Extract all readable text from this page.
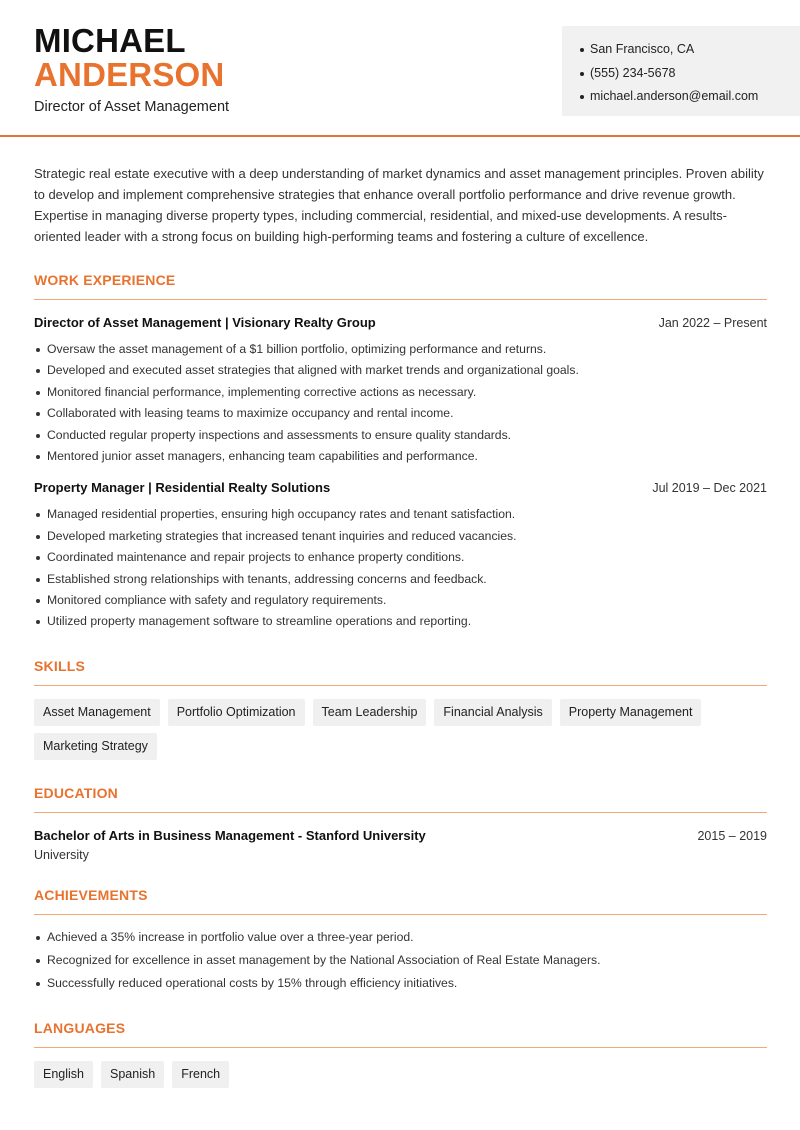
MICHAEL
ANDERSON
Director of Asset Management
San Francisco, CA
(555) 234-5678
michael.anderson@email.com

Strategic real estate executive with a deep understanding of market dynamics and asset management principles. Proven ability to develop and implement comprehensive strategies that enhance overall portfolio performance and drive revenue growth. Expertise in managing diverse property types, including commercial, residential, and mixed-use developments. A results-oriented leader with a strong focus on building high-performing teams and fostering a culture of excellence.

WORK EXPERIENCE
Director of Asset Management | Visionary Realty Group	Jan 2022 – Present
Oversaw the asset management of a $1 billion portfolio, optimizing performance and returns.
Developed and executed asset strategies that aligned with market trends and organizational goals.
Monitored financial performance, implementing corrective actions as necessary.
Collaborated with leasing teams to maximize occupancy and rental income.
Conducted regular property inspections and assessments to ensure quality standards.
Mentored junior asset managers, enhancing team capabilities and performance.
Property Manager | Residential Realty Solutions	Jul 2019 – Dec 2021
Managed residential properties, ensuring high occupancy rates and tenant satisfaction.
Developed marketing strategies that increased tenant inquiries and reduced vacancies.
Coordinated maintenance and repair projects to enhance property conditions.
Established strong relationships with tenants, addressing concerns and feedback.
Monitored compliance with safety and regulatory requirements.
Utilized property management software to streamline operations and reporting.
SKILLS
Asset Management	Portfolio Optimization	Team Leadership	Financial Analysis	Property Management
Marketing Strategy
EDUCATION
Bachelor of Arts in Business Management - Stanford University	2015 – 2019
University
ACHIEVEMENTS
Achieved a 35% increase in portfolio value over a three-year period.
Recognized for excellence in asset management by the National Association of Real Estate Managers.
Successfully reduced operational costs by 15% through efficiency initiatives.
LANGUAGES
English	Spanish	French
